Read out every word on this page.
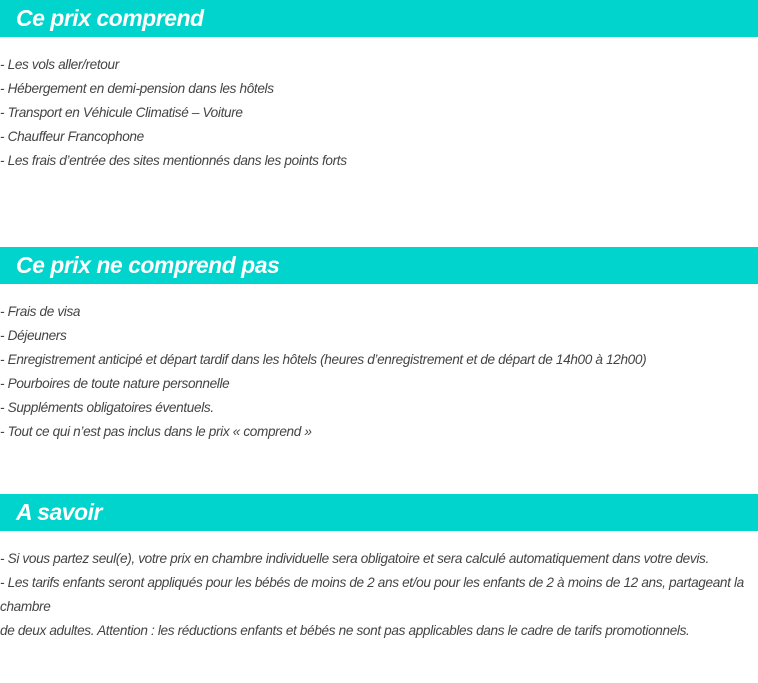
Ce prix comprend
- Les vols aller/retour
- Hébergement en demi-pension dans les hôtels
- Transport en Véhicule Climatisé – Voiture
- Chauffeur Francophone
- Les frais d’entrée des sites mentionnés dans les points forts
Ce prix ne comprend pas
- Frais de visa
- Déjeuners
- Enregistrement anticipé et départ tardif dans les hôtels (heures d’enregistrement et de départ de 14h00 à 12h00)
- Pourboires de toute nature personnelle
- Suppléments obligatoires éventuels.
- Tout ce qui n’est pas inclus dans le prix « comprend »
A savoir
- Si vous partez seul(e), votre prix en chambre individuelle sera obligatoire et sera calculé automatiquement dans votre devis.
- Les tarifs enfants seront appliqués pour les bébés de moins de 2 ans et/ou pour les enfants de 2 à moins de 12 ans, partageant la chambre
de deux adultes. Attention : les réductions enfants et bébés ne sont pas applicables dans le cadre de tarifs promotionnels.
